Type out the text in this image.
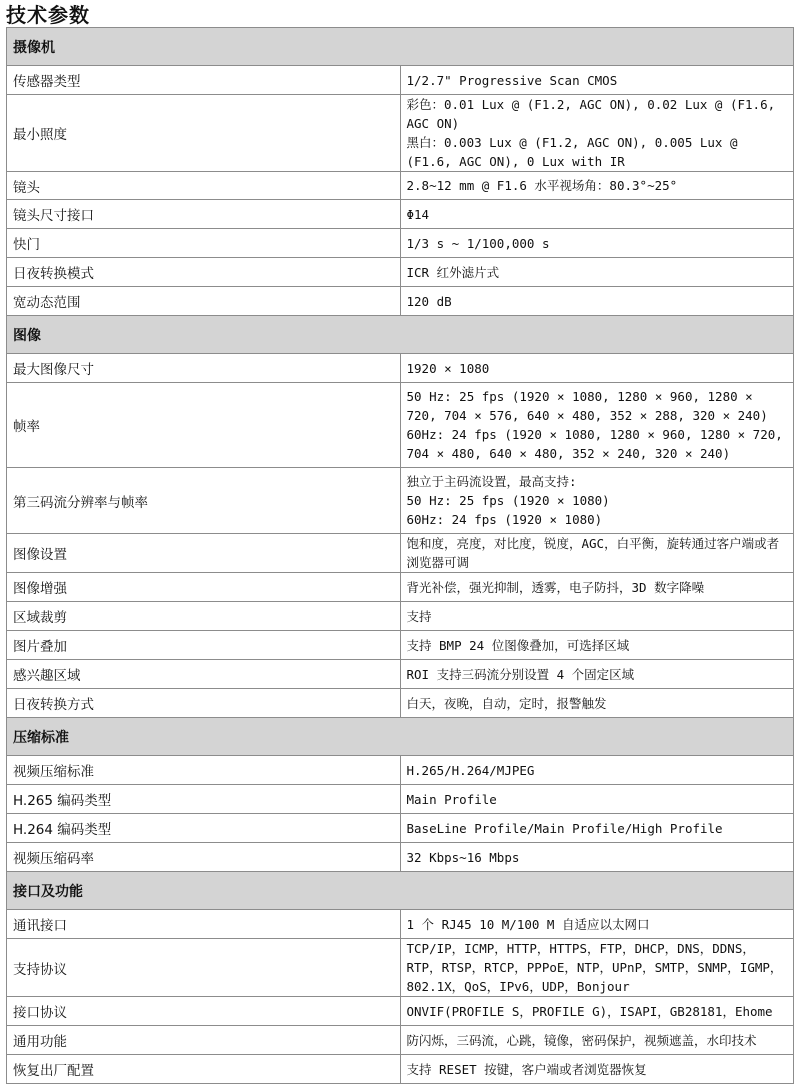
技术参数
摄像机	
传感器类型	1/2.7" Progressive Scan CMOS
最小照度	彩色：0.01 Lux @ (F1.2, AGC ON), 0.02 Lux @ (F1.6, AGC ON)
黑白：0.003 Lux @ (F1.2, AGC ON), 0.005 Lux @ (F1.6, AGC ON), 0 Lux with IR
镜头	2.8~12 mm @ F1.6 水平视场角：80.3°~25°
镜头尺寸接口	Φ14
快门	1/3 s ~ 1/100,000 s
日夜转换模式	ICR 红外滤片式
宽动态范围	120 dB
图像	
最大图像尺寸	1920 × 1080
帧率	50 Hz: 25 fps (1920 × 1080, 1280 × 960, 1280 × 720, 704 × 576, 640 × 480, 352 × 288, 320 × 240)
60Hz: 24 fps (1920 × 1080, 1280 × 960, 1280 × 720, 704 × 480, 640 × 480, 352 × 240, 320 × 240)
第三码流分辨率与帧率	独立于主码流设置，最高支持:
50 Hz: 25 fps (1920 × 1080)
60Hz: 24 fps (1920 × 1080)
图像设置	饱和度，亮度，对比度，锐度，AGC，白平衡，旋转通过客户端或者浏览器可调
图像增强	背光补偿，强光抑制，透雾，电子防抖，3D 数字降噪
区域裁剪	支持
图片叠加	支持 BMP 24 位图像叠加，可选择区域
感兴趣区域	ROI 支持三码流分别设置 4 个固定区域
日夜转换方式	白天，夜晚，自动，定时，报警触发
压缩标准	
视频压缩标准	H.265/H.264/MJPEG
H.265 编码类型	Main Profile
H.264 编码类型	BaseLine Profile/Main Profile/High Profile
视频压缩码率	32 Kbps~16 Mbps
接口及功能	
通讯接口	1 个 RJ45 10 M/100 M 自适应以太网口
支持协议	TCP/IP，ICMP，HTTP，HTTPS，FTP，DHCP，DNS，DDNS，RTP，RTSP，RTCP，PPPoE，NTP，UPnP，SMTP，SNMP，IGMP，802.1X，QoS，IPv6，UDP，Bonjour
接口协议	ONVIF(PROFILE S，PROFILE G)，ISAPI，GB28181，Ehome
通用功能	防闪烁，三码流，心跳，镜像，密码保护，视频遮盖，水印技术
恢复出厂配置	支持 RESET 按键，客户端或者浏览器恢复
